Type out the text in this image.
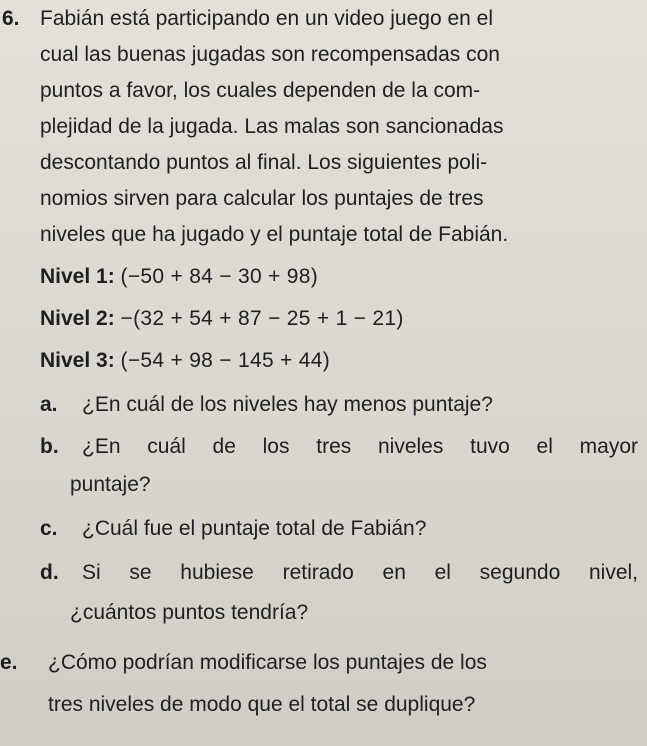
6. Fabián está participando en un video juego en el
cual las buenas jugadas son recompensadas con
puntos a favor, los cuales dependen de la com-
plejidad de la jugada. Las malas son sancionadas
descontando puntos al final. Los siguientes poli-
nomios sirven para calcular los puntajes de tres
niveles que ha jugado y el puntaje total de Fabián.
Nivel 1: (−50 + 84 − 30 + 98)
Nivel 2: −(32 + 54 + 87 − 25 + 1 − 21)
Nivel 3: (−54 + 98 − 145 + 44)
a. ¿En cuál de los niveles hay menos puntaje?
b. ¿En cuál de los tres niveles tuvo el mayor
puntaje?
c. ¿Cuál fue el puntaje total de Fabián?
d. Si se hubiese retirado en el segundo nivel,
¿cuántos puntos tendría?
e. ¿Cómo podrían modificarse los puntajes de los
tres niveles de modo que el total se duplique?
